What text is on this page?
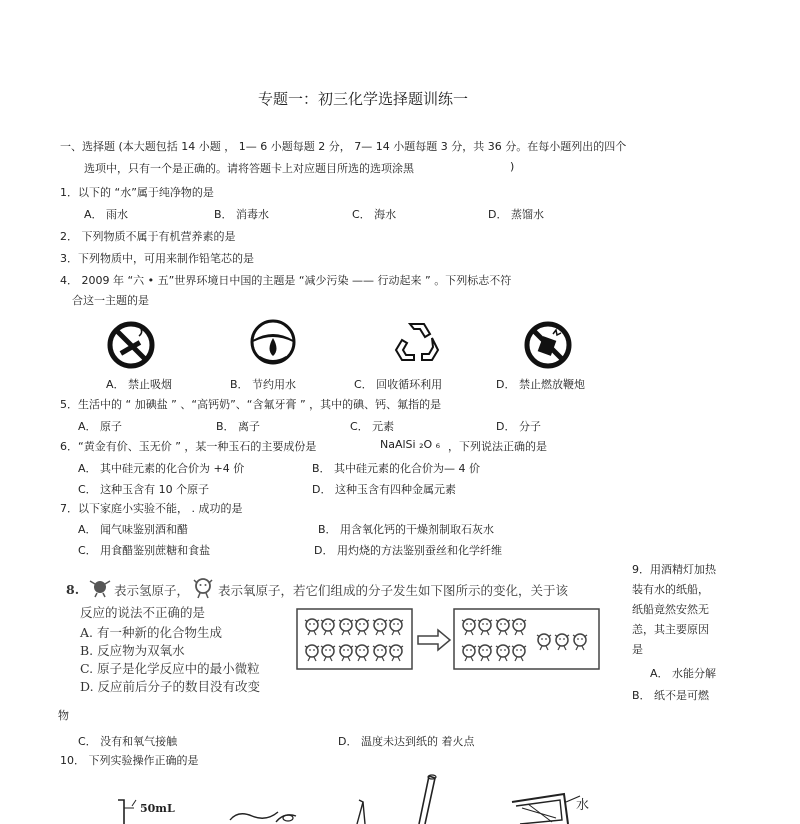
专题一：初三化学选择题训练一
一、选择题 (本大题包括 14 小题 ， 1— 6 小题每题 2 分， 7— 14 小题每题 3 分，共 36 分。在每小题列出的四个
选项中，只有一个是正确的。请将答题卡上对应题目所选的选项涂黑	)
1．以下的 “水”属于纯净物的是
A． 雨水	B． 消毒水	C． 海水	D． 蒸馏水
2． 下列物质不属于有机营养素的是
3．下列物质中，可用来制作铅笔芯的是
4． 2009 年 “六 • 五”世界环境日中国的主题是 “减少污染 —— 行动起来 ” 。下列标志不符
合这一主题的是
A． 禁止吸烟	B． 节约用水	C． 回收循环利用	D． 禁止燃放鞭炮
5．生活中的 “ 加碘盐 ” 、“高钙奶”、“含氟牙膏 ” ，其中的碘、钙、氟指的是
A． 原子	B． 离子	C． 元素	D． 分子
6．“黄金有价、玉无价 ” ，某一种玉石的主要成份是	NaAlSi ₂O ₆ ，下列说法正确的是
A． 其中硅元素的化合价为 +4 价	B． 其中硅元素的化合价为— 4 价
C． 这种玉含有 10 个原子	D． 这种玉含有四种金属元素
7．以下家庭小实验不能， . 成功的是
A． 闻气味鉴别酒和醋	B． 用含氧化钙的干燥剂制取石灰水
C． 用食醋鉴别蔗糖和食盐	D． 用灼烧的方法鉴别蚕丝和化学纤维
8.	表示氢原子， 表示氧原子，若它们组成的分子发生如下图所示的变化，关于该
反应的说法不正确的是
A. 有一种新的化合物生成
B. 反应物为双氧水
C. 原子是化学反应中的最小微粒
D. 反应前后分子的数目没有改变
物
9．用酒精灯加热
装有水的纸船，
纸船竟然安然无
恙，其主要原因
是
A． 水能分解
B． 纸不是可燃
C． 没有和氧气接触	D． 温度未达到纸的 着火点
10． 下列实验操作正确的是
50mL	水
